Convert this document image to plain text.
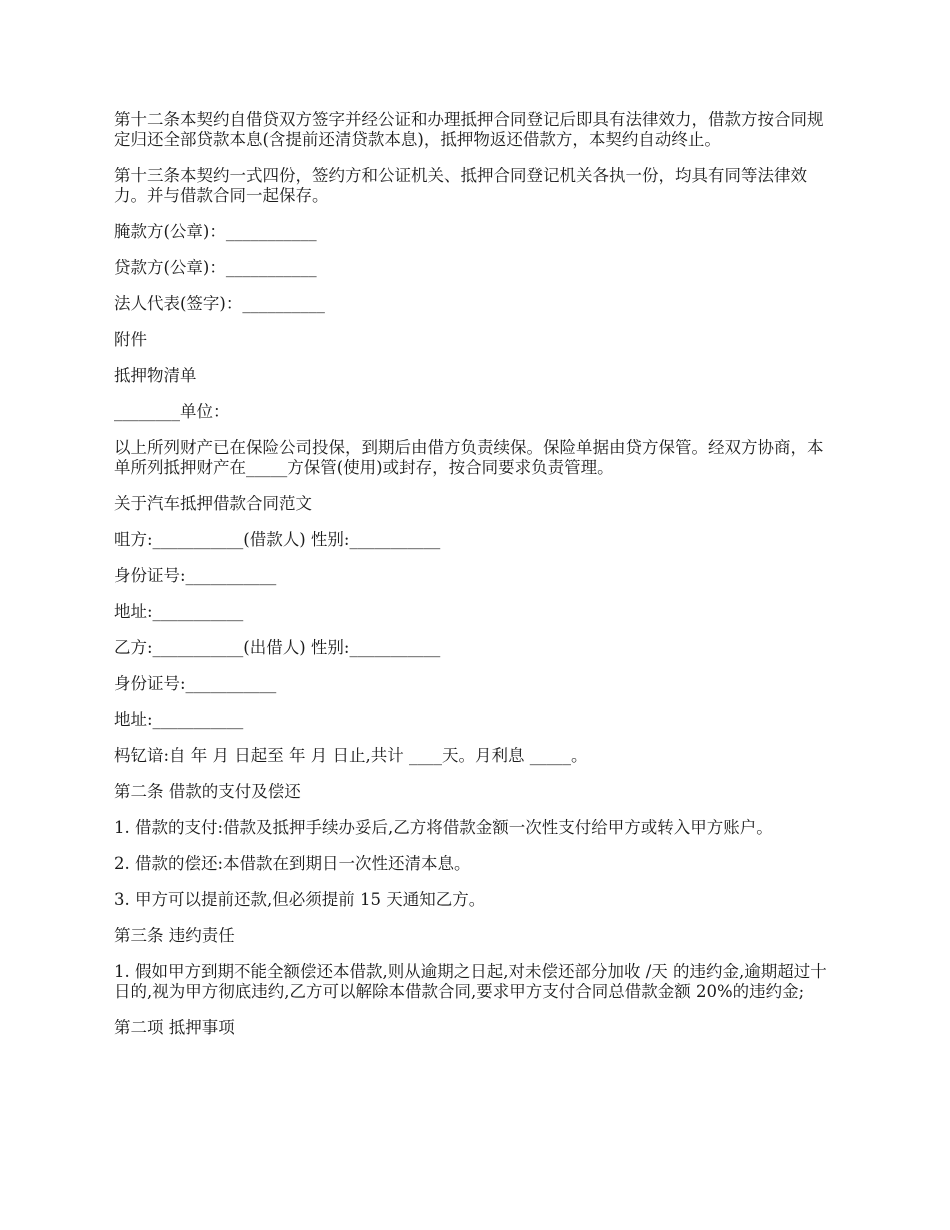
第十二条本契约自借贷双方签字并经公证和办理抵押合同登记后即具有法律效力，借款方按合同规定归还全部贷款本息(含提前还清贷款本息)，抵押物返还借款方，本契约自动终止。

第十三条本契约一式四份，签约方和公证机关、抵押合同登记机关各执一份，均具有同等法律效力。并与借款合同一起保存。

腌款方(公章)：___________

贷款方(公章)：___________

法人代表(签字)：__________

附件

抵押物清单

________单位：

以上所列财产已在保险公司投保，到期后由借方负责续保。保险单据由贷方保管。经双方协商，本单所列抵押财产在_____方保管(使用)或封存，按合同要求负责管理。

关于汽车抵押借款合同范文

咀方:___________(借款人) 性别:___________

身份证号:___________

地址:___________

乙方:___________(出借人) 性别:___________

身份证号:___________

地址:___________

杩钇谙:自 年 月 日起至 年 月 日止,共计 ____天。月利息 _____。

第二条 借款的支付及偿还

1. 借款的支付:借款及抵押手续办妥后,乙方将借款金额一次性支付给甲方或转入甲方账户。

2. 借款的偿还:本借款在到期日一次性还清本息。

3. 甲方可以提前还款,但必须提前 15 天通知乙方。

第三条 违约责任

1. 假如甲方到期不能全额偿还本借款,则从逾期之日起,对未偿还部分加收 /天 的违约金,逾期超过十日的,视为甲方彻底违约,乙方可以解除本借款合同,要求甲方支付合同总借款金额 20%的违约金;

第二项 抵押事项
